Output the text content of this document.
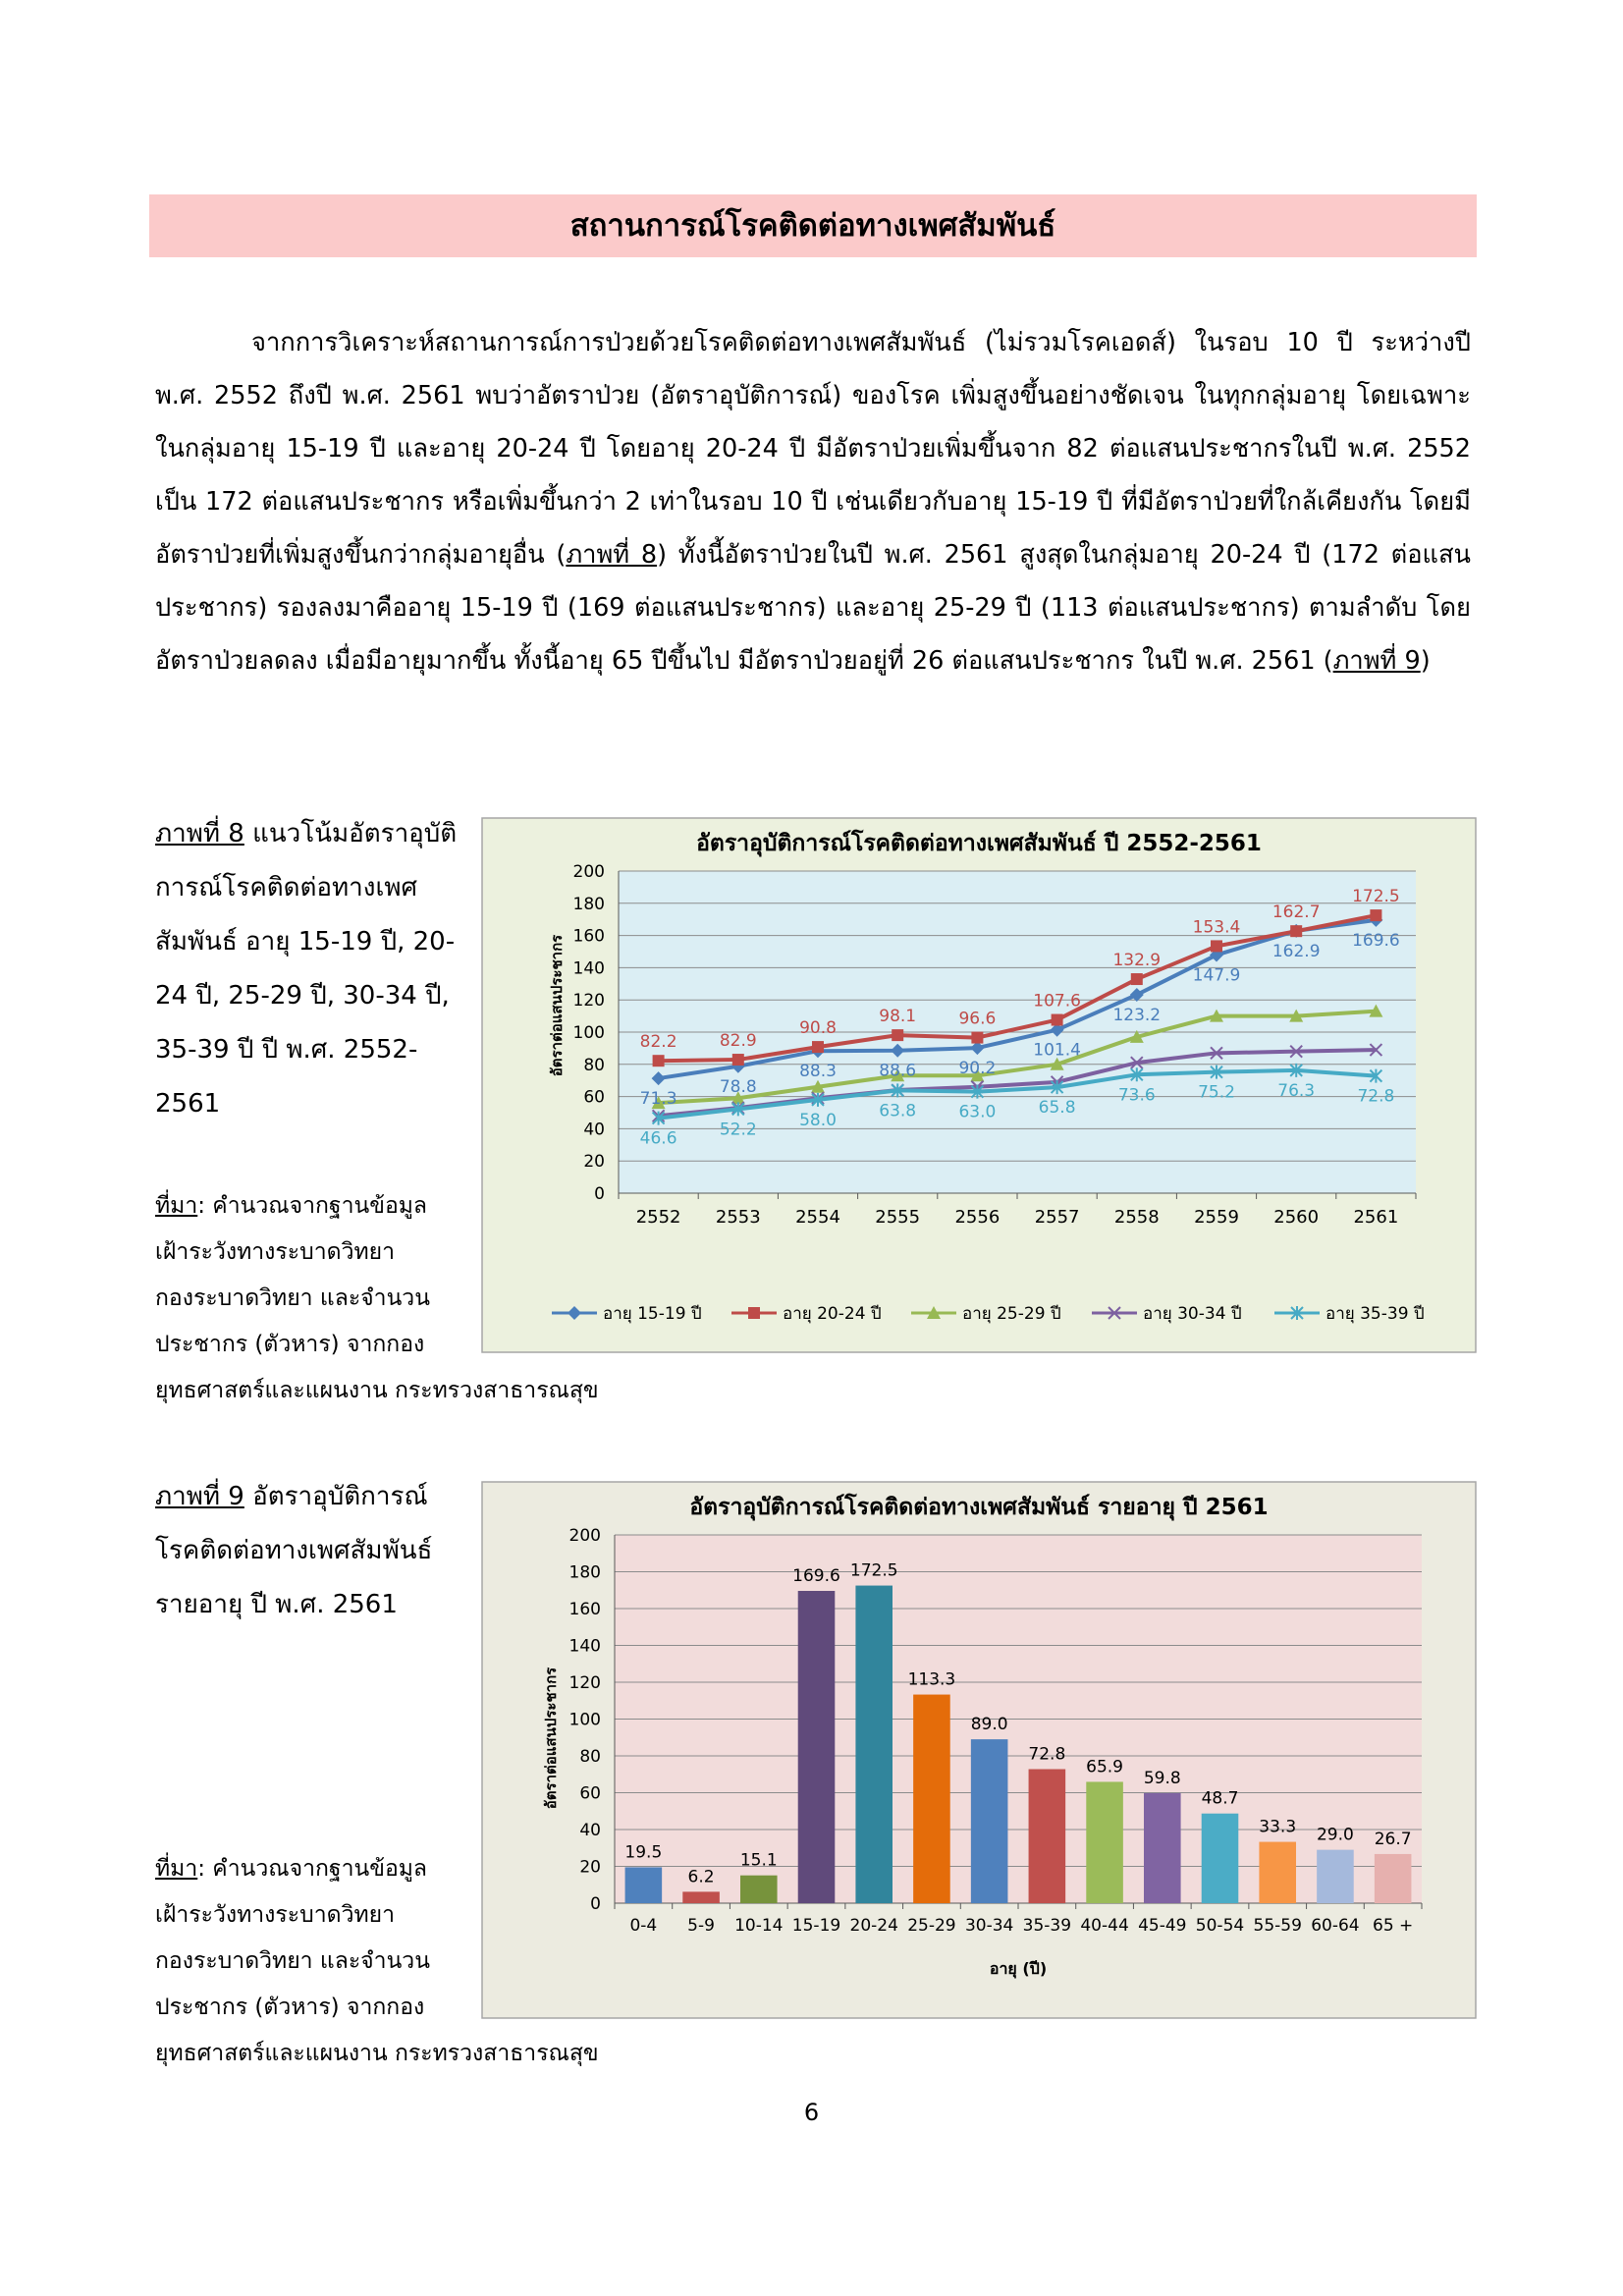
สถานการณ์โรคติดต่อทางเพศสัมพันธ์

จากการวิเคราะห์สถานการณ์การป่วยด้วยโรคติดต่อทางเพศสัมพันธ์ (ไม่รวมโรคเอดส์) ในรอบ 10 ปี ระหว่างปี พ.ศ. 2552 ถึงปี พ.ศ. 2561 พบว่าอัตราป่วย (อัตราอุบัติการณ์) ของโรค เพิ่มสูงขึ้นอย่างชัดเจน ในทุกกลุ่มอายุ โดยเฉพาะในกลุ่มอายุ 15-19 ปี และอายุ 20-24 ปี โดยอายุ 20-24 ปี มีอัตราป่วยเพิ่มขึ้นจาก 82 ต่อแสนประชากรในปี พ.ศ. 2552 เป็น 172 ต่อแสนประชากร หรือเพิ่มขึ้นกว่า 2 เท่าในรอบ 10 ปี เช่นเดียวกับอายุ 15-19 ปี ที่มีอัตราป่วยที่ใกล้เคียงกัน โดยมีอัตราป่วยที่เพิ่มสูงขึ้นกว่ากลุ่มอายุอื่น (ภาพที่ 8) ทั้งนี้อัตราป่วยในปี พ.ศ. 2561 สูงสุดในกลุ่มอายุ 20-24 ปี (172 ต่อแสนประชากร) รองลงมาคืออายุ 15-19 ปี (169 ต่อแสนประชากร) และอายุ 25-29 ปี (113 ต่อแสนประชากร) ตามลำดับ โดยอัตราป่วยลดลง เมื่อมีอายุมากขึ้น ทั้งนี้อายุ 65 ปีขึ้นไป มีอัตราป่วยอยู่ที่ 26 ต่อแสนประชากร ในปี พ.ศ. 2561 (ภาพที่ 9)

ภาพที่ 8 แนวโน้มอัตราอุบัติการณ์โรคติดต่อทางเพศสัมพันธ์ อายุ 15-19 ปี, 20-24 ปี, 25-29 ปี, 30-34 ปี, 35-39 ปี ปี พ.ศ. 2552-2561
ที่มา: คำนวณจากฐานข้อมูล
เฝ้าระวังทางระบาดวิทยา
กองระบาดวิทยา และจำนวน
ประชากร (ตัวหาร) จากกอง
ยุทธศาสตร์และแผนงาน กระทรวงสาธารณสุข
อัตราอุบัติการณ์โรคติดต่อทางเพศสัมพันธ์ ปี 2552-2561
อัตราต่อแสนประชากร
0
20
40
60
80
100
120
140
160
180
200
2552 2553 2554 2555 2556 2557 2558 2559 2560 2561
71.3
78.8
88.3	88.6	90.2
101.4
123.2
147.9
162.9
169.6
82.2	82.9
90.8
98.1	96.6
107.6
132.9
153.4
162.7
172.5
46.6	52.2	58.0	63.8	63.0	65.8
73.6	75.2	76.3	72.8
อายุ 15-19 ปี	อายุ 20-24 ปี	อายุ 25-29 ปี	อายุ 30-34 ปี	อายุ 35-39 ปี
ภาพที่ 9 อัตราอุบัติการณ์โรคติดต่อทางเพศสัมพันธ์ รายอายุ ปี พ.ศ. 2561
ที่มา: คำนวณจากฐานข้อมูล
เฝ้าระวังทางระบาดวิทยา
กองระบาดวิทยา และจำนวน
ประชากร (ตัวหาร) จากกอง
ยุทธศาสตร์และแผนงาน กระทรวงสาธารณสุข
อัตราอุบัติการณ์โรคติดต่อทางเพศสัมพันธ์ รายอายุ ปี 2561
อัตราต่อแสนประชากร
อายุ (ปี)
0
20
40
60
80
100
120
140
160
180
200
19.5
0-4
6.2
5-9
15.1
10-14
169.6
15-19
172.5
20-24
113.3
25-29
89.0
30-34
72.8
35-39
65.9
40-44
59.8
45-49
48.7
50-54
33.3
55-59
29.0
60-64
26.7
65 +
6
